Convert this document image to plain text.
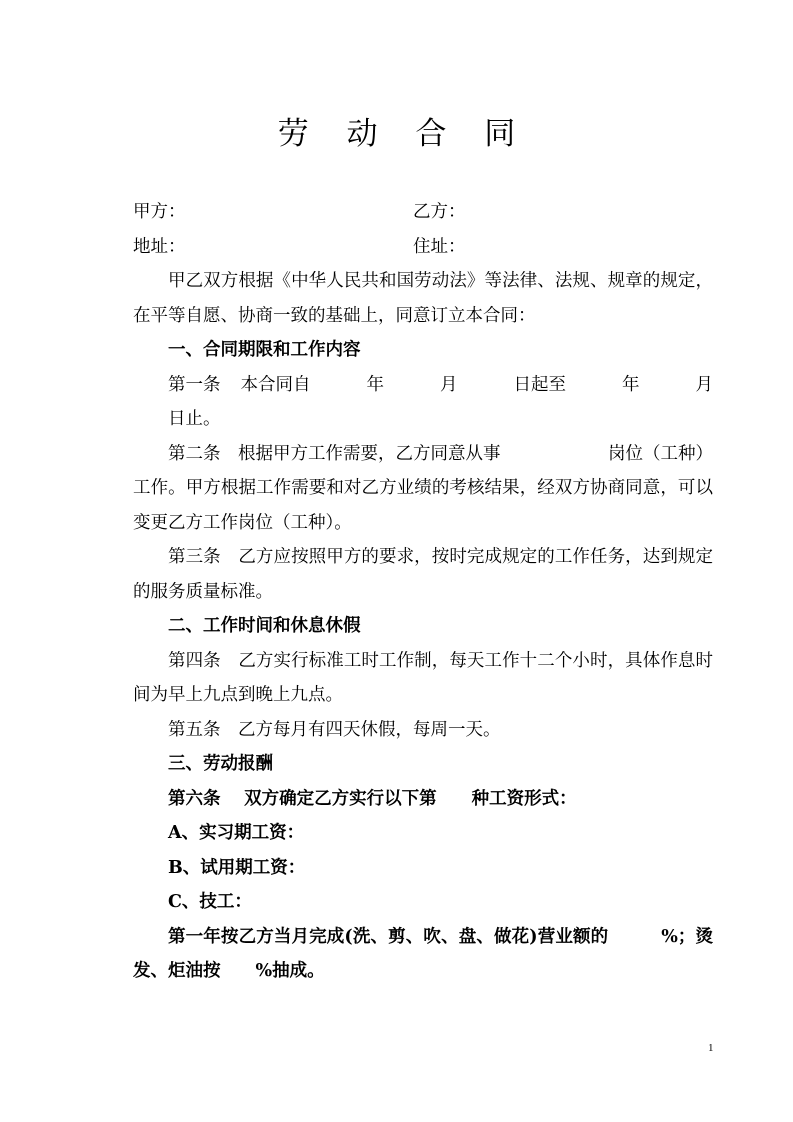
劳 动 合 同
甲方：	乙方：
地址：	住址：

甲乙双方根据《中华人民共和国劳动法》等法律、法规、规章的规定，在平等自愿、协商一致的基础上，同意订立本合同：

一、合同期限和工作内容

第一条 本合同自	年	月	日起至	年	月

日止。

第二条　根据甲方工作需要，乙方同意从事	岗位（工种）

工作。甲方根据工作需要和对乙方业绩的考核结果，经双方协商同意，可以变更乙方工作岗位（工种）。

第三条　乙方应按照甲方的要求，按时完成规定的工作任务，达到规定的服务质量标准。

二、工作时间和休息休假

第四条　乙方实行标准工时工作制，每天工作十二个小时，具体作息时间为早上九点到晚上九点。

第五条　乙方每月有四天休假，每周一天。

三、劳动报酬

第六条　 双方确定乙方实行以下第　　种工资形式：

A、实习期工资：

B、试用期工资：

C、技工：

第一年按乙方当月完成(洗、剪、吹、盘、做花)营业额的　　　%；烫发、炬油按　　%抽成。

1
